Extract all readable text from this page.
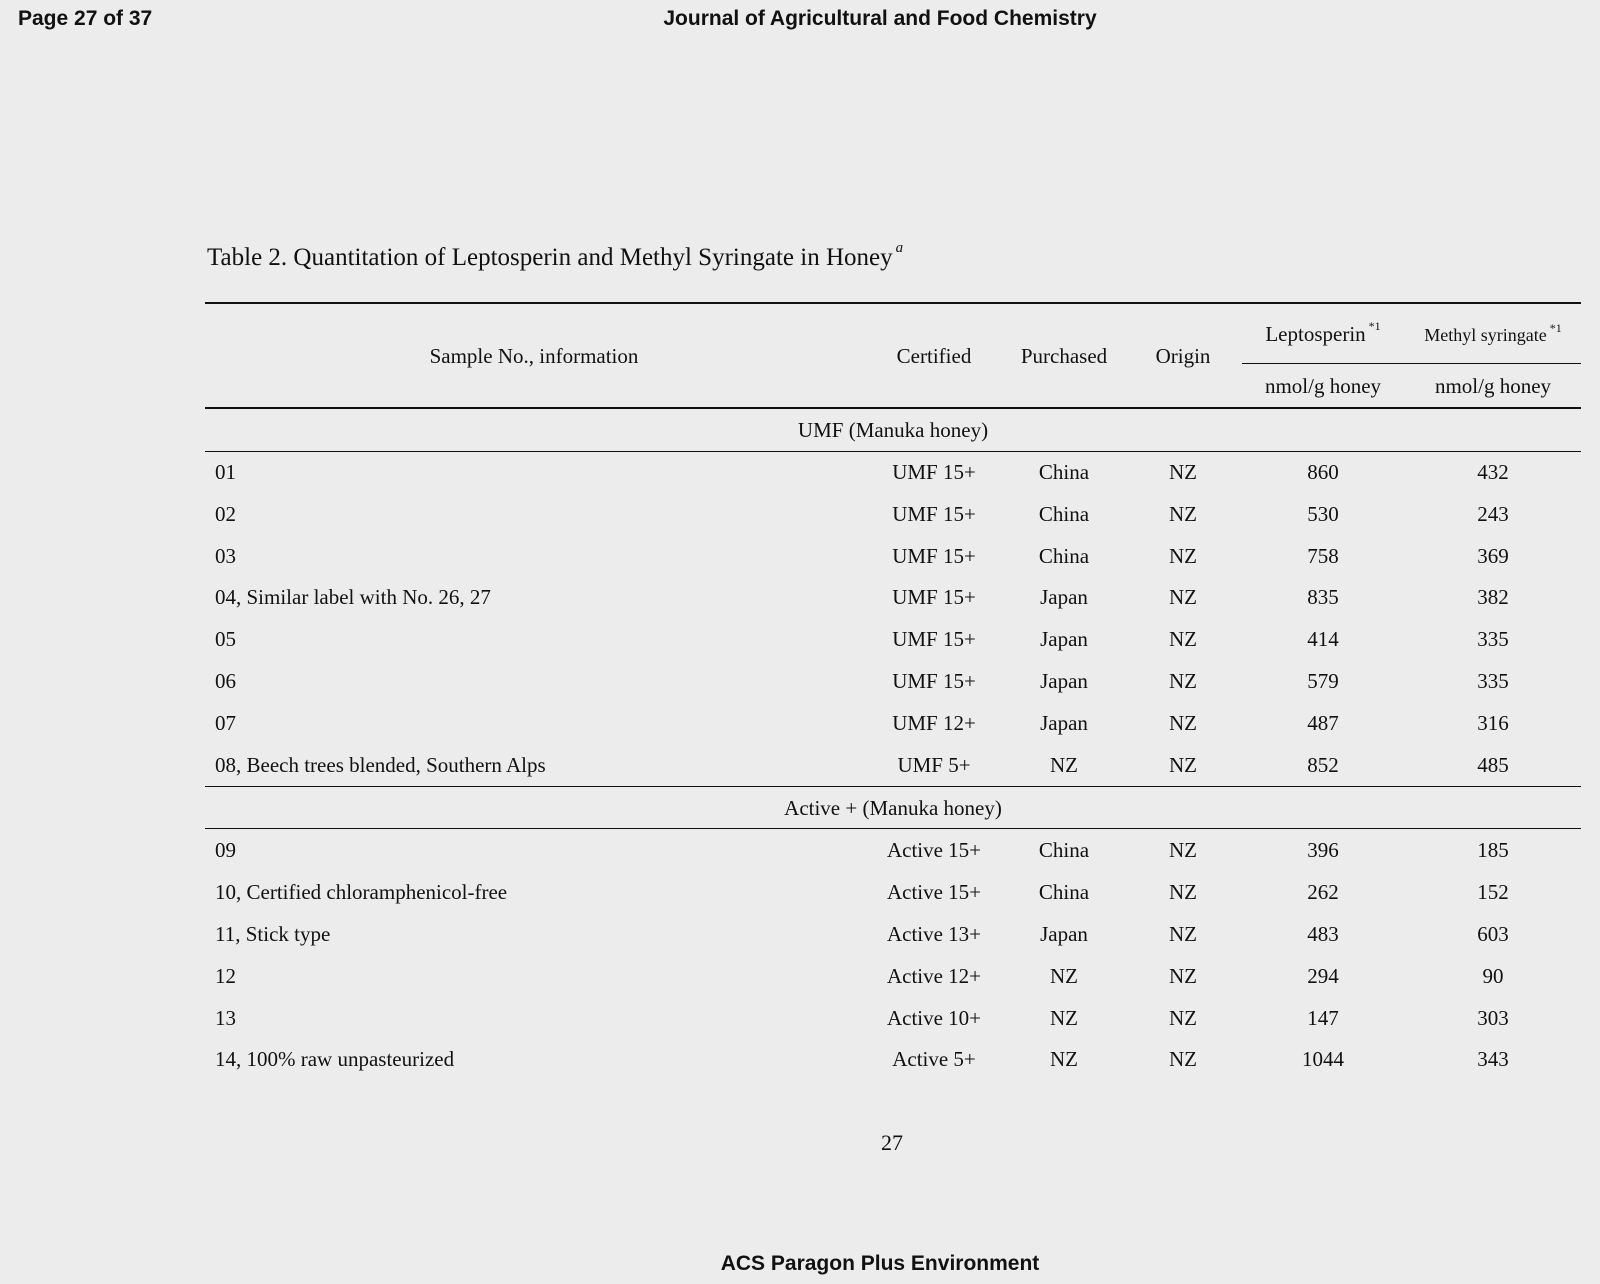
Page 27 of 37	Journal of Agricultural and Food Chemistry
Table 2. Quantitation of Leptosperin and Methyl Syringate in Honey $^a$
Sample No., information	Certified Purchased Origin
Leptosperin $^{*1}$ Methyl syringate $^{*1}$
nmol/g honey	nmol/g honey
UMF (Manuka honey)
01	UMF 15+	China	NZ	860	432
02	UMF 15+	China	NZ	530	243
03	UMF 15+	China	NZ	758	369
04, Similar label with No. 26, 27	UMF 15+	Japan	NZ	835	382
05	UMF 15+	Japan	NZ	414	335
06	UMF 15+	Japan	NZ	579	335
07	UMF 12+	Japan	NZ	487	316
08, Beech trees blended, Southern Alps	UMF 5+	NZ	NZ	852	485
Active + (Manuka honey)
09	Active 15+	China	NZ	396	185
10, Certified chloramphenicol-free	Active 15+	China	NZ	262	152
11, Stick type	Active 13+	Japan	NZ	483	603
12	Active 12+	NZ	NZ	294	90
13	Active 10+	NZ	NZ	147	303
14, 100% raw unpasteurized	Active 5+	NZ	NZ	1044	343
27
ACS Paragon Plus Environment
